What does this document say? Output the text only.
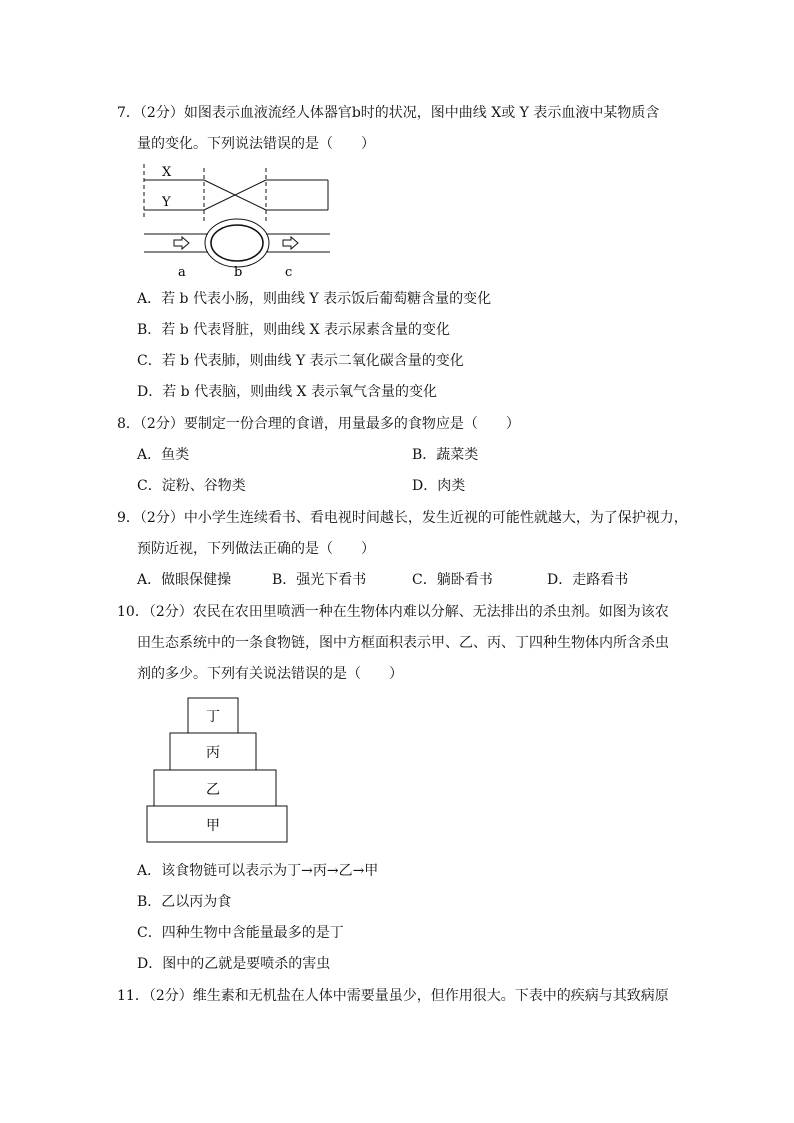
7．（2分）如图表示血液流经人体器官b时的状况，图中曲线 X或 Y 表示血液中某物质含
量的变化。下列说法错误的是（　　）
X
Y
a	b	c
A．若 b 代表小肠，则曲线 Y 表示饭后葡萄糖含量的变化
B．若 b 代表肾脏，则曲线 X 表示尿素含量的变化
C．若 b 代表肺，则曲线 Y 表示二氧化碳含量的变化
D．若 b 代表脑，则曲线 X 表示氧气含量的变化
8．（2分）要制定一份合理的食谱，用量最多的食物应是（　　）
A．鱼类	B．蔬菜类
C．淀粉、谷物类	D．肉类
9．（2分）中小学生连续看书、看电视时间越长，发生近视的可能性就越大，为了保护视力，
预防近视，下列做法正确的是（　　）
A．做眼保健操	B．强光下看书	C．躺卧看书	D．走路看书
10．（2分）农民在农田里喷洒一种在生物体内难以分解、无法排出的杀虫剂。如图为该农
田生态系统中的一条食物链，图中方框面积表示甲、乙、丙、丁四种生物体内所含杀虫
剂的多少。下列有关说法错误的是（　　）
丁
丙
乙
甲
A．该食物链可以表示为丁→丙→乙→甲
B．乙以丙为食
C．四种生物中含能量最多的是丁
D．图中的乙就是要喷杀的害虫
11．（2分）维生素和无机盐在人体中需要量虽少，但作用很大。下表中的疾病与其致病原
